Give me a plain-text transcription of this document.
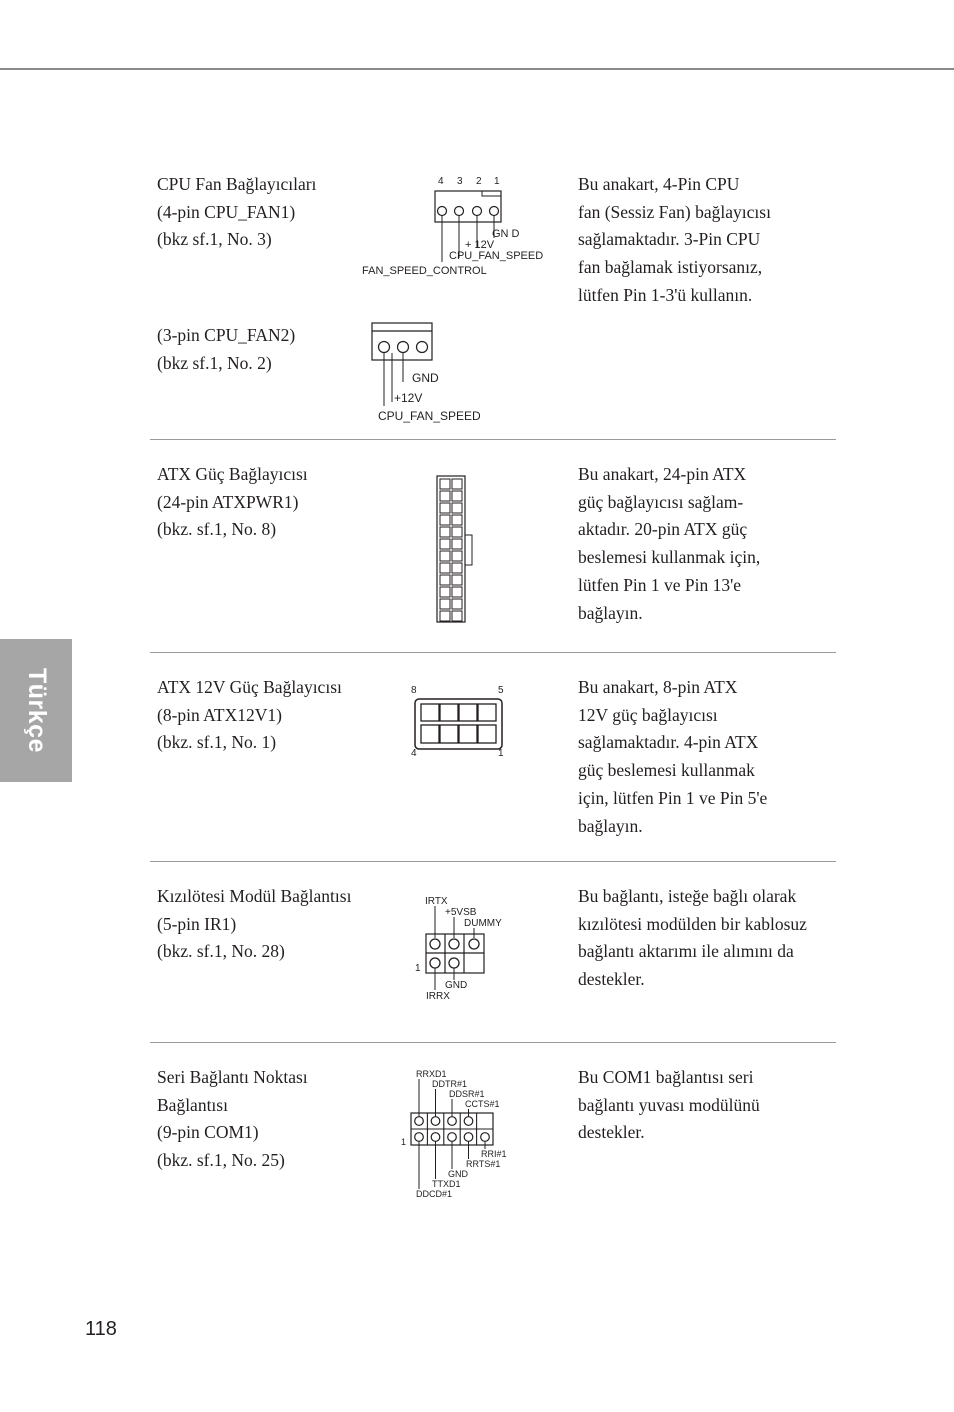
Türkçe
CPU Fan Bağlayıcıları
(4-pin CPU_FAN1)
(bkz sf.1, No. 3)
Bu anakart, 4-Pin CPU
fan (Sessiz Fan) bağlayıcısı
sağlamaktadır. 3-Pin CPU
fan bağlamak istiyorsanız,
lütfen Pin 1-3'ü kullanın.
4 3 2 1
GN D
+ 12V
CPU_FAN_SPEED
FAN_SPEED_CONTROL
(3-pin CPU_FAN2)
(bkz sf.1, No. 2)
GND
+12V
CPU_FAN_SPEED
ATX Güç Bağlayıcısı
(24-pin ATXPWR1)
(bkz. sf.1, No. 8)
Bu anakart, 24-pin ATX
güç bağlayıcısı sağlam-
aktadır. 20-pin ATX güç
beslemesi kullanmak için,
lütfen Pin 1 ve Pin 13'e
bağlayın.
ATX 12V Güç Bağlayıcısı
(8-pin ATX12V1)
(bkz. sf.1, No. 1)
Bu anakart, 8-pin ATX
12V güç bağlayıcısı
sağlamaktadır. 4-pin ATX
güç beslemesi kullanmak
için, lütfen Pin 1 ve Pin 5'e
bağlayın.
8	5
4	1
Kızılötesi Modül Bağlantısı
(5-pin IR1)
(bkz. sf.1, No. 28)
Bu bağlantı, isteğe bağlı olarak
kızılötesi modülden bir kablosuz
bağlantı aktarımı ile alımını da
destekler.
IRTX
+5VSB
DUMMY
1
GND
IRRX
Seri Bağlantı Noktası
Bağlantısı
(9-pin COM1)
(bkz. sf.1, No. 25)
Bu COM1 bağlantısı seri
bağlantı yuvası modülünü
destekler.
RRXD1
DDTR#1
DDSR#1
CCTS#1
1
RRI#1
RRTS#1
GND
TTXD1
DDCD#1
118
